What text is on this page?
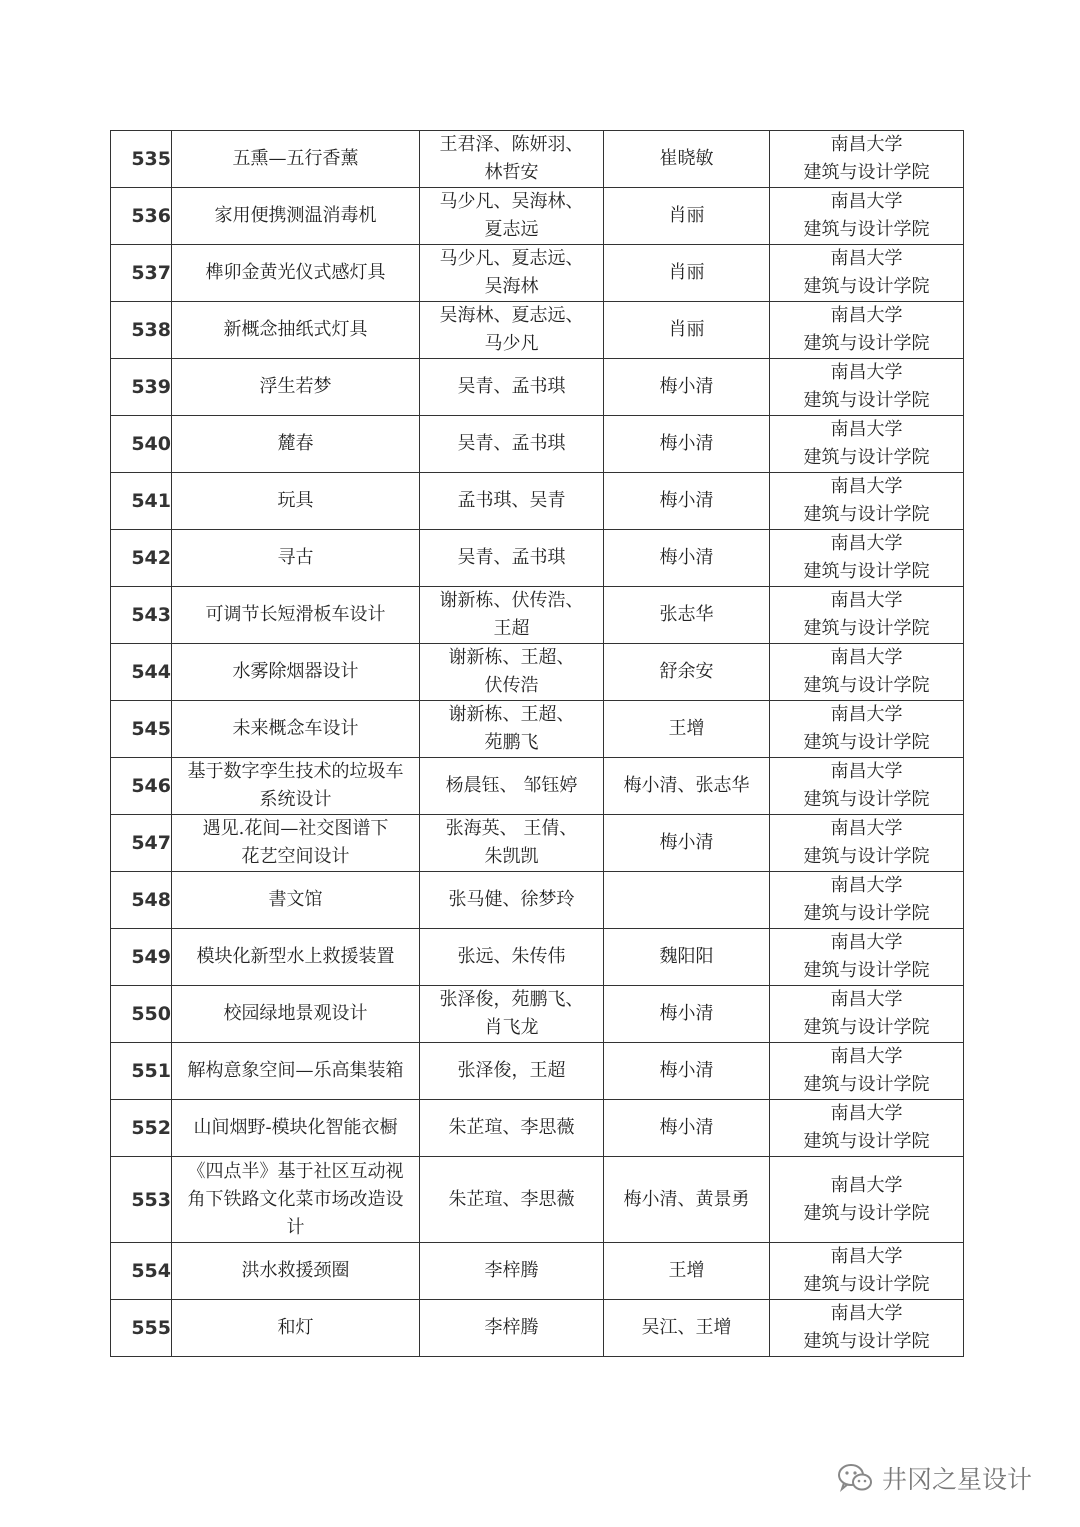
535	五熏—五行香薰	王君泽、陈妍羽、
林哲安	崔晓敏	南昌大学
建筑与设计学院

536	家用便携测温消毒机	马少凡、吴海林、
夏志远	肖丽	南昌大学
建筑与设计学院

537	榫卯金黄光仪式感灯具	马少凡、夏志远、
吴海林	肖丽	南昌大学
建筑与设计学院

538	新概念抽纸式灯具	吴海林、夏志远、
马少凡	肖丽	南昌大学
建筑与设计学院

539	浮生若梦	吴青、孟书琪	梅小清	南昌大学
建筑与设计学院

540	麓春	吴青、孟书琪	梅小清	南昌大学
建筑与设计学院

541	玩具	孟书琪、吴青	梅小清	南昌大学
建筑与设计学院

542	寻古	吴青、孟书琪	梅小清	南昌大学
建筑与设计学院

543	可调节长短滑板车设计	谢新栋、伏传浩、
王超	张志华	南昌大学
建筑与设计学院

544	水雾除烟器设计	谢新栋、王超、
伏传浩	舒余安	南昌大学
建筑与设计学院

545	未来概念车设计	谢新栋、王超、
苑鹏飞	王增	南昌大学
建筑与设计学院

546	基于数字孪生技术的垃圾车
系统设计	杨晨钰、 邹钰婷	梅小清、张志华	南昌大学
建筑与设计学院

547	遇见.花间—社交图谱下
花艺空间设计	张海英、 王倩、
朱凯凯	梅小清	南昌大学
建筑与设计学院

548	書文馆	张马健、徐梦玲		南昌大学
建筑与设计学院

549	模块化新型水上救援装置	张远、朱传伟	魏阳阳	南昌大学
建筑与设计学院

550	校园绿地景观设计	张泽俊，苑鹏飞、
肖飞龙	梅小清	南昌大学
建筑与设计学院

551	解构意象空间—乐高集装箱	张泽俊，王超	梅小清	南昌大学
建筑与设计学院

552	山间烟野-模块化智能衣橱	朱芷瑄、李思薇	梅小清	南昌大学
建筑与设计学院

553	《四点半》基于社区互动视
角下铁路文化菜市场改造设
计	朱芷瑄、李思薇	梅小清、黄景勇	南昌大学
建筑与设计学院

554	洪水救援颈圈	李梓腾	王增	南昌大学
建筑与设计学院

555	和灯	李梓腾	吴江、王增	南昌大学
建筑与设计学院
井冈之星设计
